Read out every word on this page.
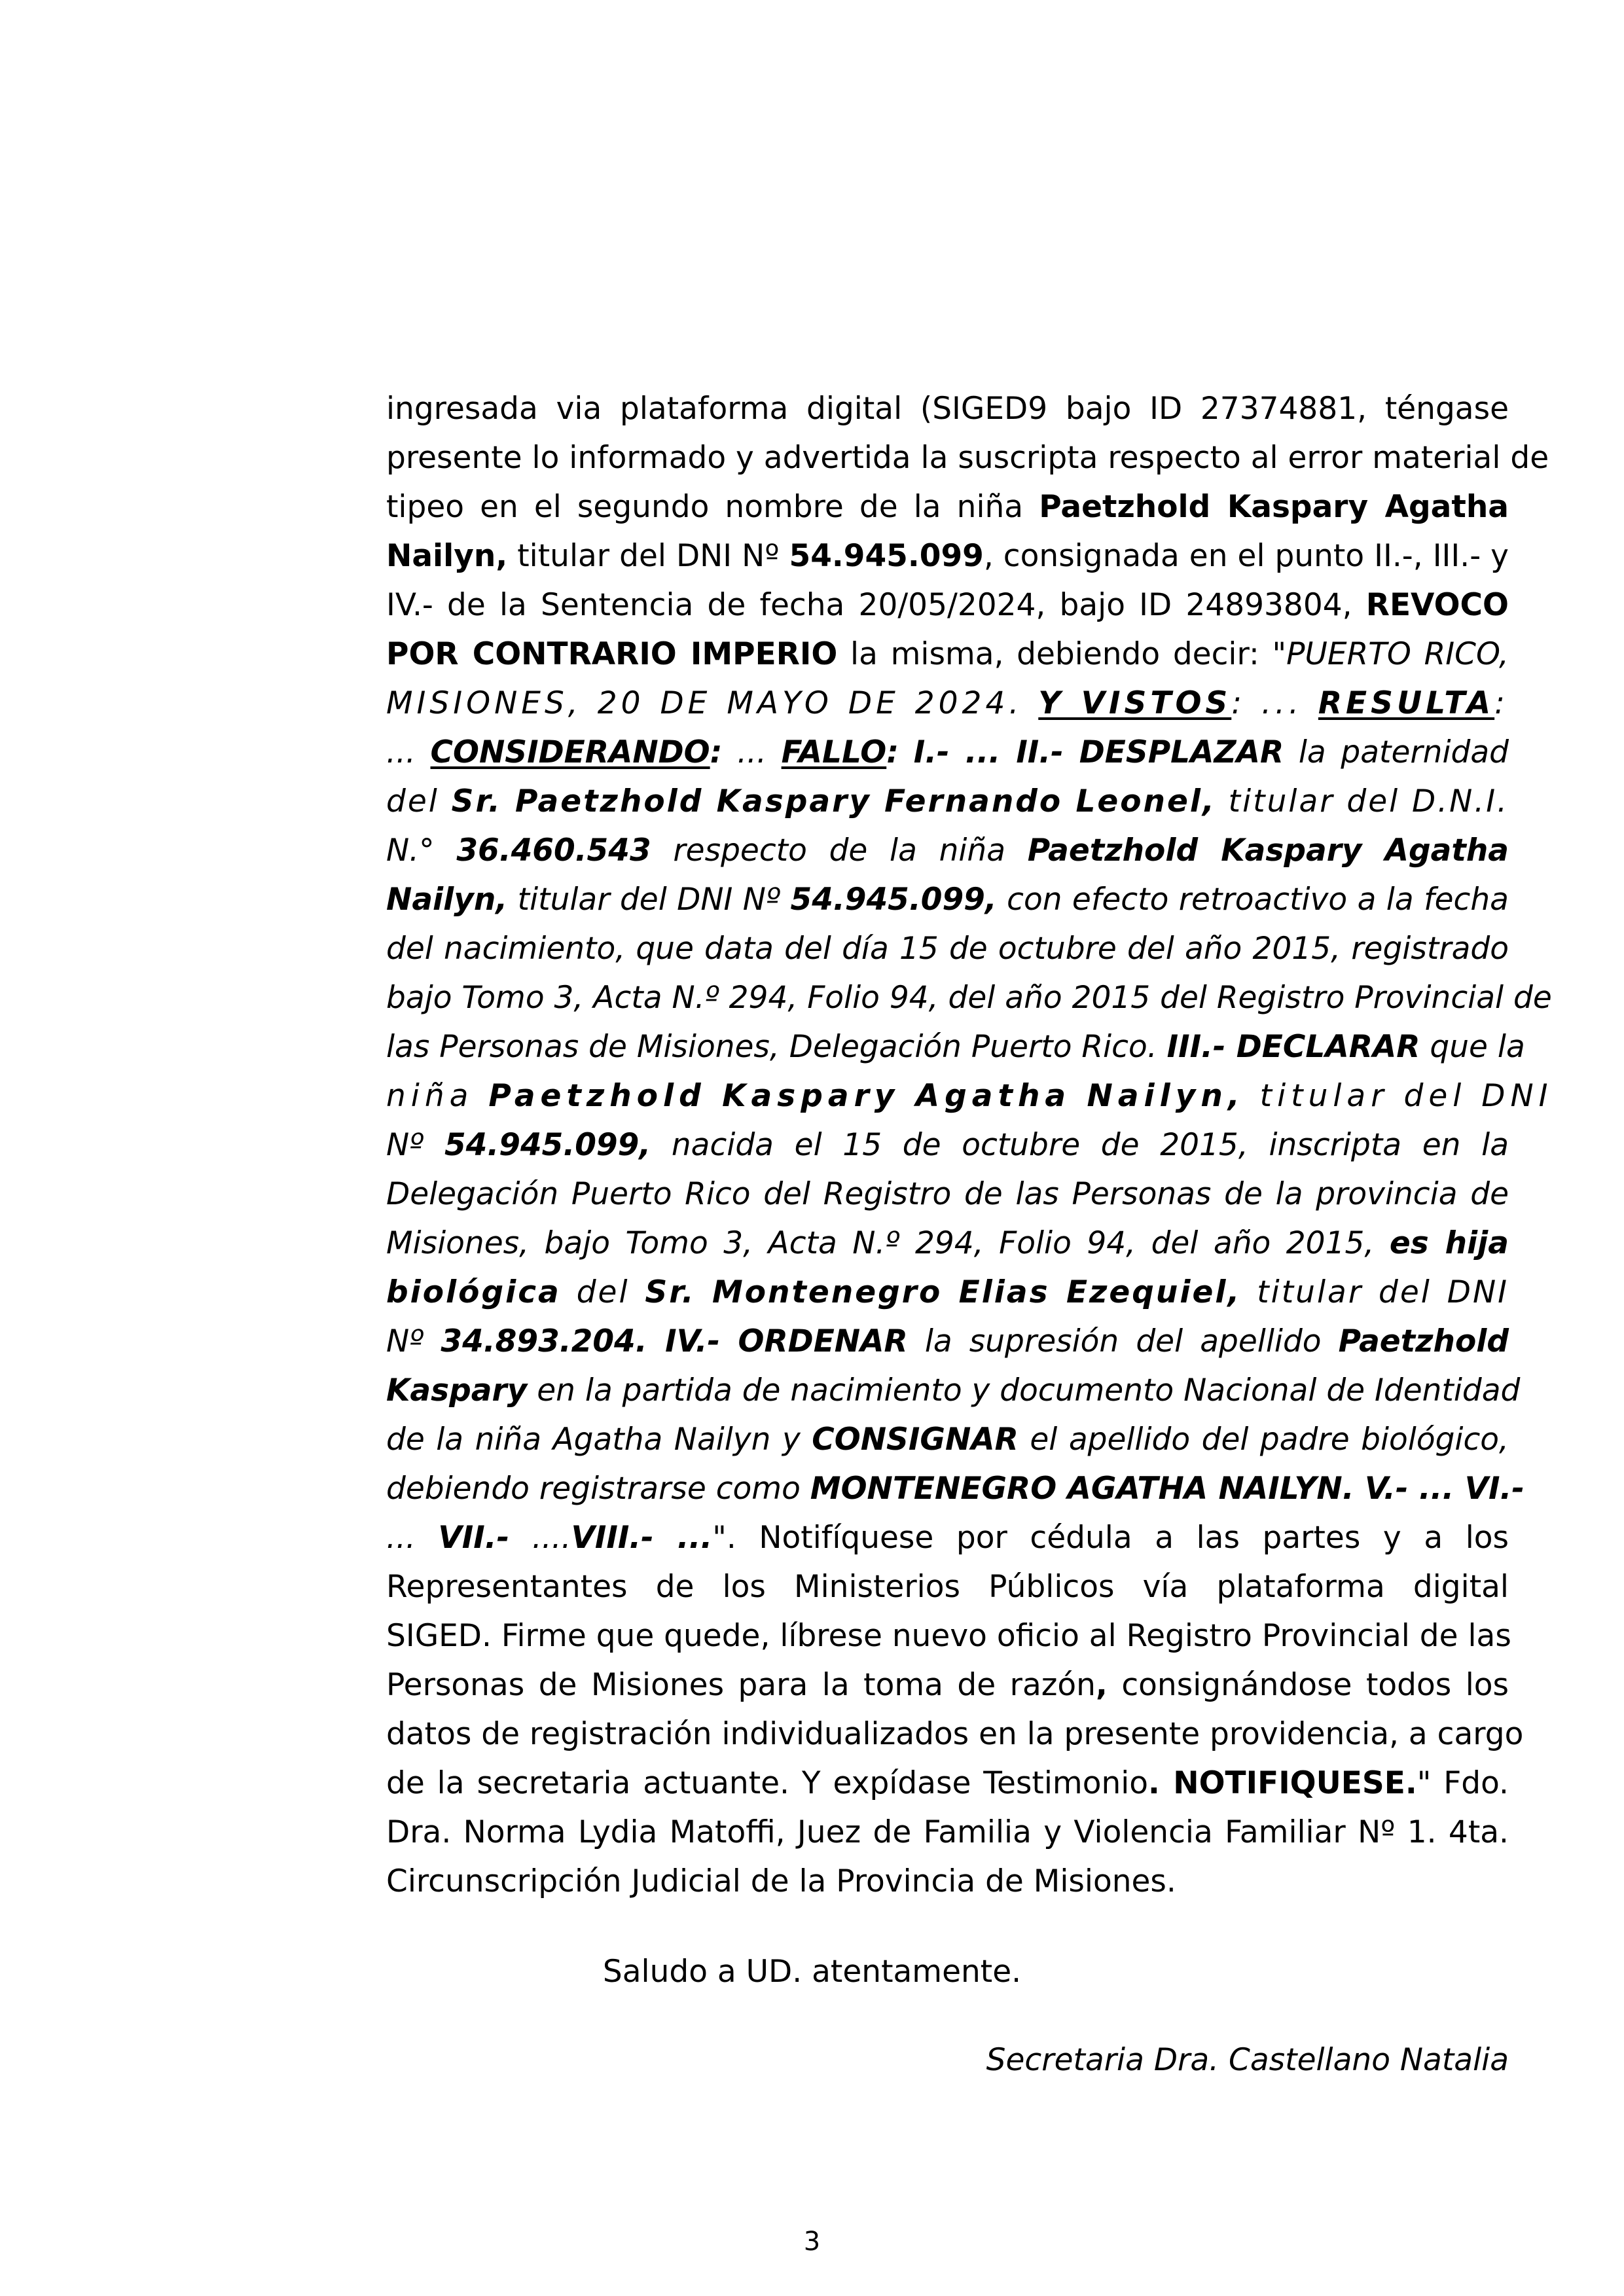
ingresada via plataforma digital (SIGED9 bajo ID 27374881, téngase
presente lo informado y advertida la suscripta respecto al error material de
tipeo en el segundo nombre de la niña Paetzhold Kaspary Agatha
Nailyn, titular del DNI Nº 54.945.099, consignada en el punto II.-, III.- y
IV.- de la Sentencia de fecha 20/05/2024, bajo ID 24893804, REVOCO
POR CONTRARIO IMPERIO la misma, debiendo decir: "PUERTO RICO,
MISIONES, 20 DE MAYO DE 2024. Y VISTOS: ... RESULTA:
... CONSIDERANDO: ... FALLO: I.- ... II.- DESPLAZAR la paternidad
del Sr. Paetzhold Kaspary Fernando Leonel, titular del D.N.I.
N.° 36.460.543 respecto de la niña Paetzhold Kaspary Agatha
Nailyn, titular del DNI Nº 54.945.099, con efecto retroactivo a la fecha
del nacimiento, que data del día 15 de octubre del año 2015, registrado
bajo Tomo 3, Acta N.º 294, Folio 94, del año 2015 del Registro Provincial de
las Personas de Misiones, Delegación Puerto Rico. III.- DECLARAR que la
niña Paetzhold Kaspary Agatha Nailyn, titular del DNI
Nº 54.945.099, nacida el 15 de octubre de 2015, inscripta en la
Delegación Puerto Rico del Registro de las Personas de la provincia de
Misiones, bajo Tomo 3, Acta N.º 294, Folio 94, del año 2015, es hija
biológica del Sr. Montenegro Elias Ezequiel, titular del DNI
Nº 34.893.204. IV.- ORDENAR la supresión del apellido Paetzhold
Kaspary en la partida de nacimiento y documento Nacional de Identidad
de la niña Agatha Nailyn y CONSIGNAR el apellido del padre biológico,
debiendo registrarse como MONTENEGRO AGATHA NAILYN. V.- ... VI.-
... VII.- ....VIII.- ...". Notifíquese por cédula a las partes y a los
Representantes de los Ministerios Públicos vía plataforma digital
SIGED. Firme que quede, líbrese nuevo oficio al Registro Provincial de las
Personas de Misiones para la toma de razón, consignándose todos los
datos de registración individualizados en la presente providencia, a cargo
de la secretaria actuante. Y expídase Testimonio. NOTIFIQUESE." Fdo.
Dra. Norma Lydia Matoffi, Juez de Familia y Violencia Familiar Nº 1. 4ta.
Circunscripción Judicial de la Provincia de Misiones.

Saludo a UD. atentamente.

Secretaria Dra. Castellano Natalia

3
